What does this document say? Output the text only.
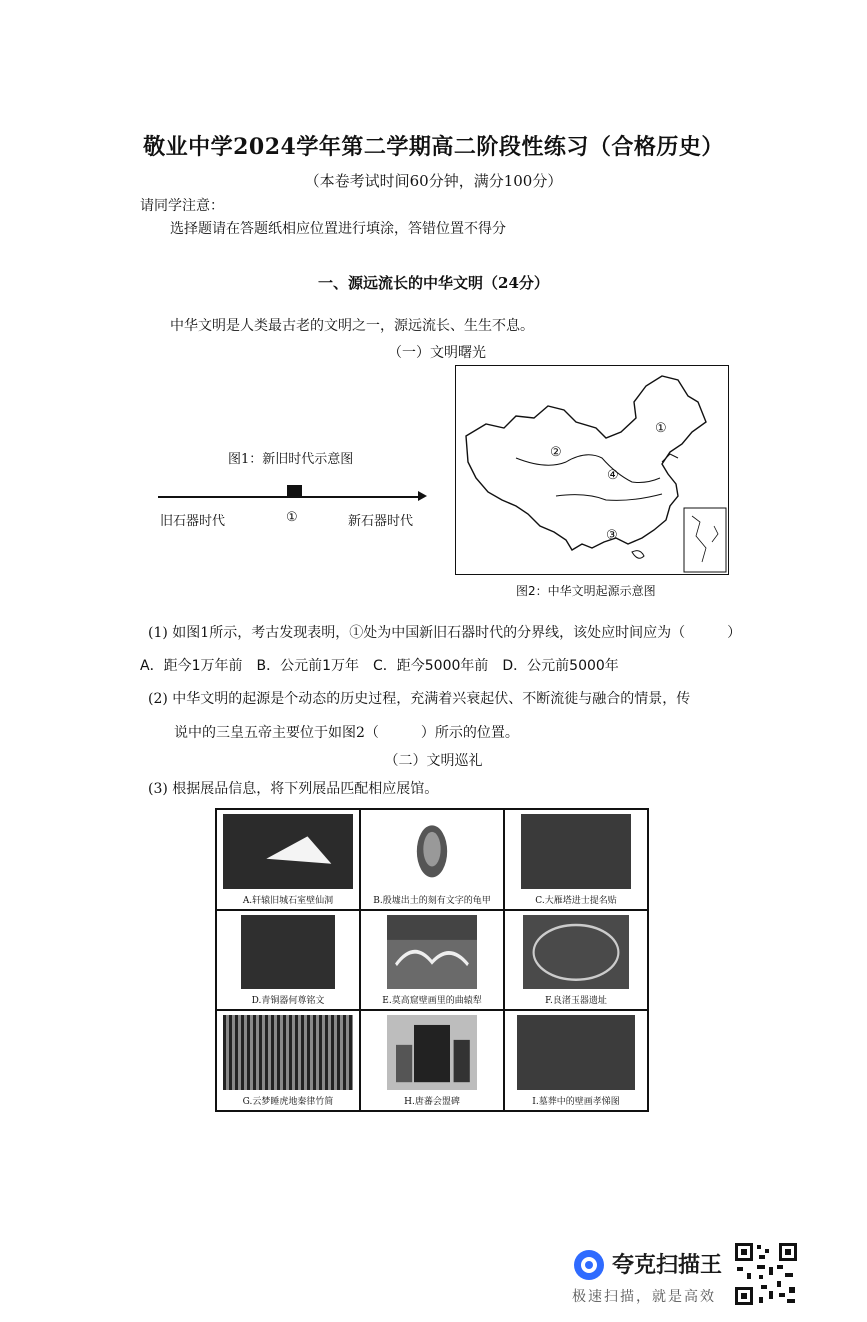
敬业中学2024学年第二学期高二阶段性练习（合格历史）
（本卷考试时间60分钟，满分100分）
请同学注意：
选择题请在答题纸相应位置进行填涂，答错位置不得分
一、源远流长的中华文明（24分）
中华文明是人类最古老的文明之一，源远流长、生生不息。
（一）文明曙光
图1：新旧时代示意图
旧石器时代	①	新石器时代
①
②
③
④
图2：中华文明起源示意图
(1) 如图1所示，考古发现表明，①处为中国新旧石器时代的分界线，该处应时间应为（　　　）
A．距今1万年前　B．公元前1万年　C．距今5000年前　D．公元前5000年
(2) 中华文明的起源是个动态的历史过程，充满着兴衰起伏、不断流徙与融合的情景，传
说中的三皇五帝主要位于如图2（　　　）所示的位置。
（二）文明巡礼
(3) 根据展品信息，将下列展品匹配相应展馆。
A.轩辕旧城石室壁仙洞	B.殷墟出土的刻有文字的龟甲	C.大雁塔进士提名贴
D.青铜器何尊铭文	E.莫高窟壁画里的曲辕犁	F.良渚玉器遗址
G.云梦睡虎地秦律竹简	H.唐蕃会盟碑	I.墓葬中的壁画孝悌图
夸克扫描王
极速扫描，就是高效
